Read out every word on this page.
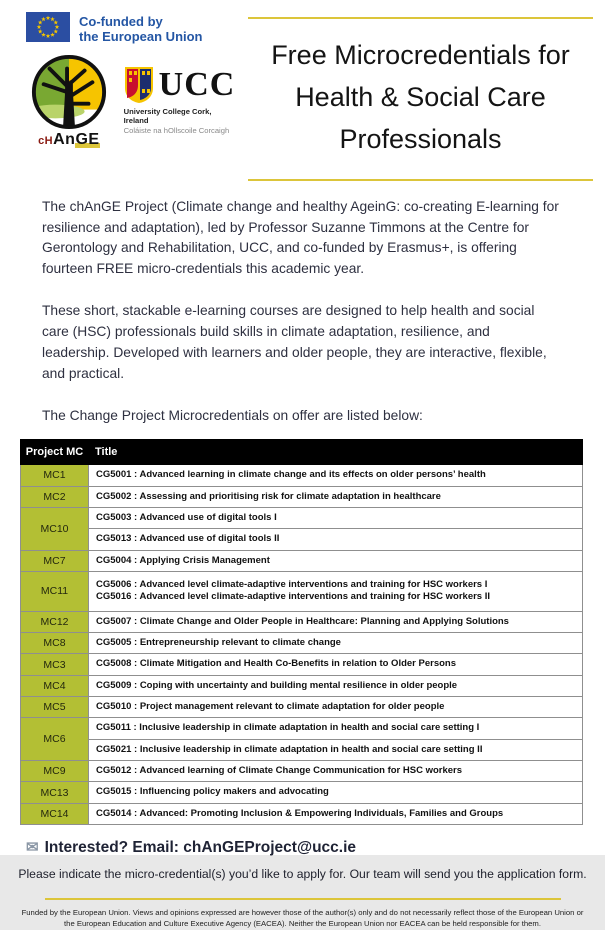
Co-funded by
the European Union
cHAnGE
UCC
University College Cork, Ireland
Coláiste na hOllscoile Corcaigh
Free Microcredentials for
Health & Social Care
Professionals

The chAnGE Project (Climate change and healthy AgeinG: co-creating E-learning for resilience and adaptation), led by Professor Suzanne Timmons at the Centre for Gerontology and Rehabilitation, UCC, and co-funded by Erasmus+, is offering fourteen FREE micro-credentials this academic year.

These short, stackable e-learning courses are designed to help health and social care (HSC) professionals build skills in climate adaptation, resilience, and leadership. Developed with learners and older people, they are interactive, flexible, and practical.

The Change Project Microcredentials on offer are listed below:

Project MC	Title
MC1	CG5001 : Advanced learning in climate change and its effects on older persons’ health
MC2	CG5002 : Assessing and prioritising risk for climate adaptation in healthcare
MC10	CG5003 : Advanced use of digital tools I
	CG5013 : Advanced use of digital tools II
MC7	CG5004 : Applying Crisis Management
MC11	CG5006 : Advanced level climate-adaptive interventions and training for HSC workers I
CG5016 : Advanced level climate-adaptive interventions and training for HSC workers II
MC12	CG5007 : Climate Change and Older People in Healthcare: Planning and Applying Solutions
MC8	CG5005 : Entrepreneurship relevant to climate change
MC3	CG5008 : Climate Mitigation and Health Co-Benefits in relation to Older Persons
MC4	CG5009 : Coping with uncertainty and building mental resilience in older people
MC5	CG5010 : Project management relevant to climate adaptation for older people
MC6	CG5011 : Inclusive leadership in climate adaptation in health and social care setting I
	CG5021 : Inclusive leadership in climate adaptation in health and social care setting II
MC9	CG5012 : Advanced learning of Climate Change Communication for HSC workers
MC13	CG5015 : Influencing policy makers and advocating
MC14	CG5014 : Advanced: Promoting Inclusion & Empowering Individuals, Families and Groups
✉ Interested? Email: chAnGEProject@ucc.ie
Please indicate the micro-credential(s) you’d like to apply for. Our team will send you the application form.
Funded by the European Union. Views and opinions expressed are however those of the author(s) only and do not necessarily reflect those of the European Union or the European Education and Culture Executive Agency (EACEA). Neither the European Union nor EACEA can be held responsible for them.
